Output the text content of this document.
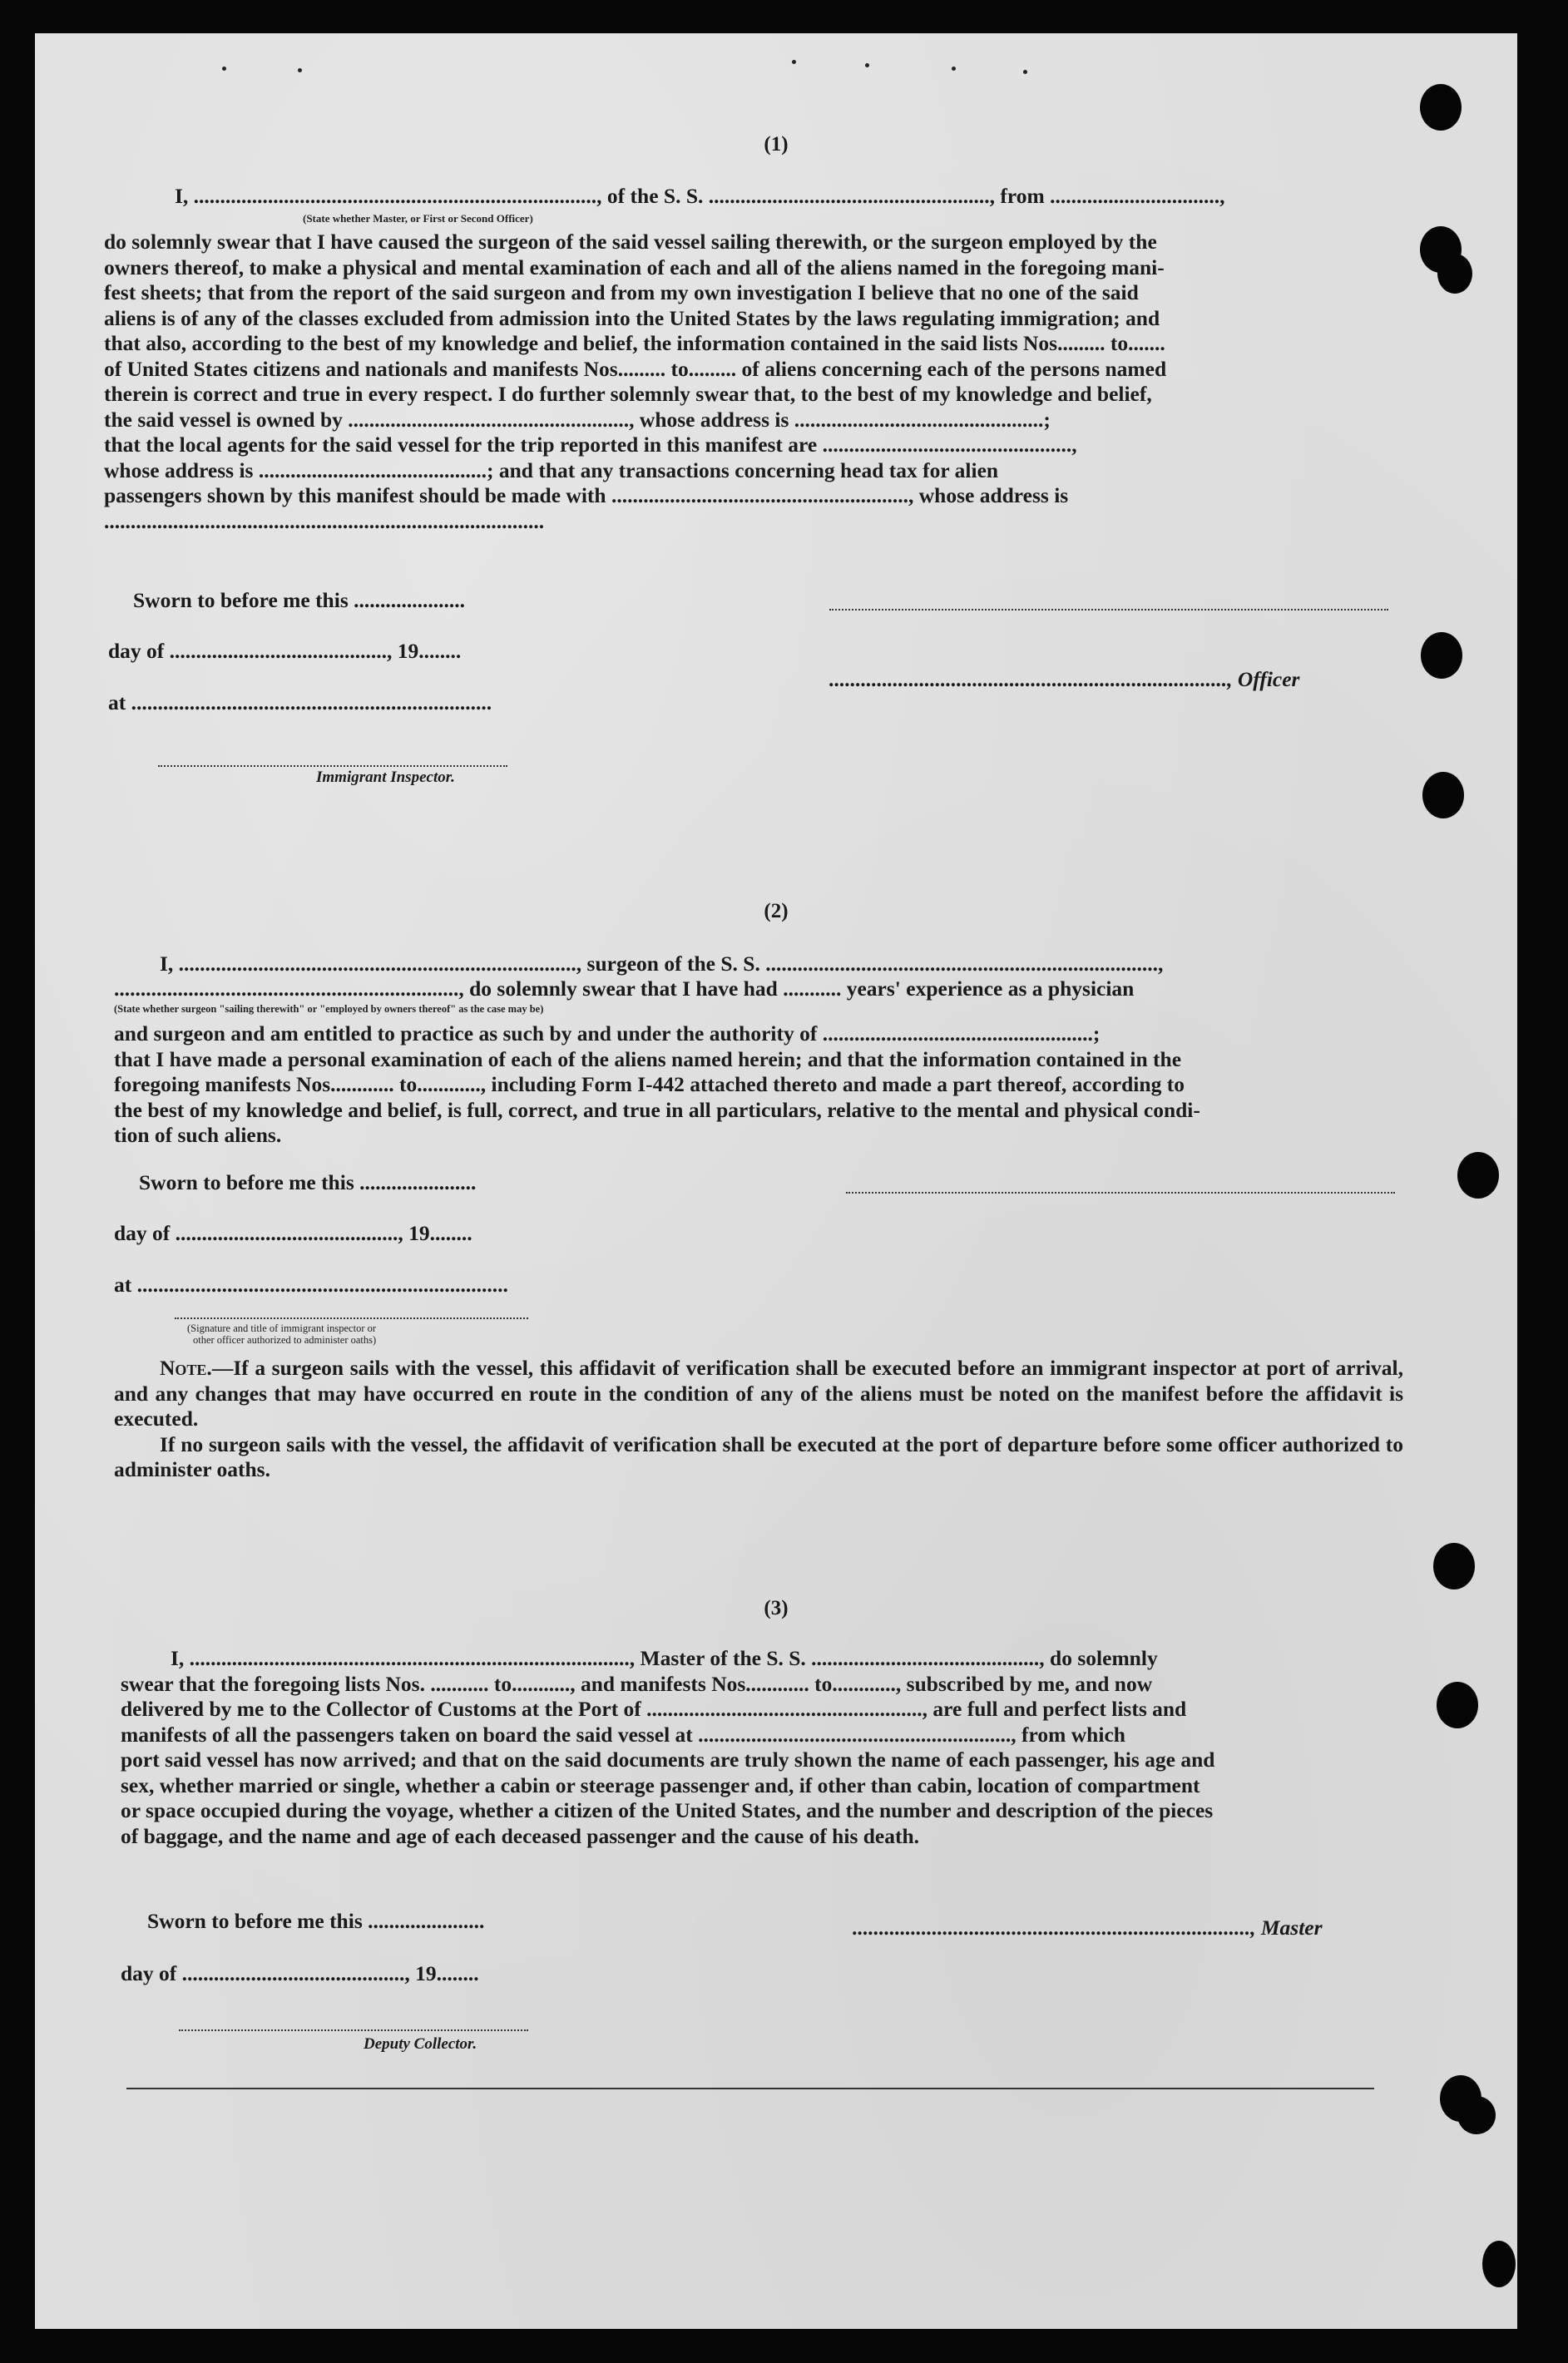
(1)
I, ............................................................................, of the S. S. ....................................................., from ................................,
(State whether Master, or First or Second Officer)

do solemnly swear that I have caused the surgeon of the said vessel sailing therewith, or the surgeon employed by the

owners thereof, to make a physical and mental examination of each and all of the aliens named in the foregoing mani-

fest sheets; that from the report of the said surgeon and from my own investigation I believe that no one of the said

aliens is of any of the classes excluded from admission into the United States by the laws regulating immigration; and

that also, according to the best of my knowledge and belief, the information contained in the said lists Nos......... to.......

of United States citizens and nationals and manifests Nos......... to......... of aliens concerning each of the persons named

therein is correct and true in every respect. I do further solemnly swear that, to the best of my knowledge and belief,

the said vessel is owned by ....................................................., whose address is ...............................................;

that the local agents for the said vessel for the trip reported in this manifest are ...............................................,

whose address is ...........................................; and that any transactions concerning head tax for alien

passengers shown by this manifest should be made with ........................................................, whose address is

...................................................................................

Sworn to before me this .....................
day of ........................................., 19........
..........................................................................., Officer
at ....................................................................
Immigrant Inspector.
(2)
I, ..........................................................................., surgeon of the S. S. ..........................................................................,
................................................................., do solemnly swear that I have had ........... years' experience as a physician
(State whether surgeon "sailing therewith" or "employed by owners thereof" as the case may be)

and surgeon and am entitled to practice as such by and under the authority of ...................................................;

that I have made a personal examination of each of the aliens named herein; and that the information contained in the

foregoing manifests Nos............ to............, including Form I-442 attached thereto and made a part thereof, according to

the best of my knowledge and belief, is full, correct, and true in all particulars, relative to the mental and physical condi-

tion of such aliens.

Sworn to before me this ......................
day of .........................................., 19........
at ......................................................................
(Signature and title of immigrant inspector or
other officer authorized to administer oaths)

Note.—If a surgeon sails with the vessel, this affidavit of verification shall be executed before an immigrant inspector at port of arrival, and any changes that may have occurred en route in the condition of any of the aliens must be noted on the manifest before the affidavit is executed.

If no surgeon sails with the vessel, the affidavit of verification shall be executed at the port of departure before some officer authorized to administer oaths.

(3)

I, ..................................................................................., Master of the S. S. ..........................................., do solemnly

swear that the foregoing lists Nos. ........... to..........., and manifests Nos............ to............, subscribed by me, and now

delivered by me to the Collector of Customs at the Port of ...................................................., are full and perfect lists and

manifests of all the passengers taken on board the said vessel at ..........................................................., from which

port said vessel has now arrived; and that on the said documents are truly shown the name of each passenger, his age and

sex, whether married or single, whether a cabin or steerage passenger and, if other than cabin, location of compartment

or space occupied during the voyage, whether a citizen of the United States, and the number and description of the pieces

of baggage, and the name and age of each deceased passenger and the cause of his death.

Sworn to before me this ......................	..........................................................................., Master
day of .........................................., 19........
Deputy Collector.
